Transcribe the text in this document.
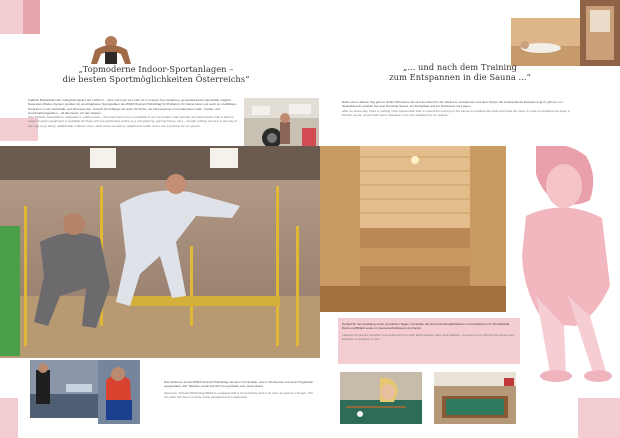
„Topmoderne Indoor-Sportanlagen –
die besten Sportmöglichkeiten Österreichs“
Fußball, Basketball oder Volleyball spielen auf 1.000 m² – dies und noch viel mehr ist in unserer Top-modernen, generalsanierten Sporthalle möglich. Neuestens Boden-System punktet mit unschlagbaren Sportgeräten des BSFZ Kleinarl-Hüttschlag für Profisport, für Gäste bieten wir auch ein vielfältiges Programm in der Sporthalle und Fitnesscenter. Sowohl für Anfänger als auch für Profis, ein Fitnesscenter mit modernsten Kraft-, Cardio- und Koordinationsgeräten – all das bieten wir den Gästen.
Play football, basketball or volleyball on 1000 metres – this and much more is available in our top-modern and recently renovated sports hall. A diverse range of sports equipment is available for those who are particularly active (e.g. trampolining, gaming boxes, etc.) – though nothing remains in the way of the urge to go along. Additionally, a fitness room, table tennis as well as weight and cardio rooms are a promise for our guests.
„... und nach dem Training
zum Entspannen in die Sauna ...“
Nach einem aktiven Tag gibt es nichts Schöneres als sich am Abend in der Sauna zu entspannen und dem Körper die wohlverdiente Entspannung zu gönnen. Im Saunabereich erwartet Sie eine finnische Sauna, ein Dampfbad und ein Ruheraum mit Liegen.
After an active day, there is nothing more pleasurable than to spend the evening in the sauna to revitalise the body and relax the mind. In order to revitalise the body, a Finnish sauna, steam bath and a relaxation room are available for our guests.
Perfekt für den Ausklang eines sportlichen Tages: Genießen Sie die Freizeitmöglichkeiten im Freizeitraum mit Tischfußball, Darts und Billard sowie im Gemeinschaftsraum am Kamin.
Likewise for leisure activities a recreational room with table football, darts and billiards – a leisure room with all the games and activities is available to you.
Das Wellness ist das BSFZ Kleinarl-Hüttschlag mit einer Tennishalle, einem Tischtennis und einer Kegelbahn ausgestattet. Der Tabellen wurde kürzlich neu gestaltet und modernisiert.
Moreover, Kleinarl-Hüttschlag BSFZ is equipped with a ski workshop and a ski room as well as a lounge. The ski cellar has been recently newly equipped and modernised.
